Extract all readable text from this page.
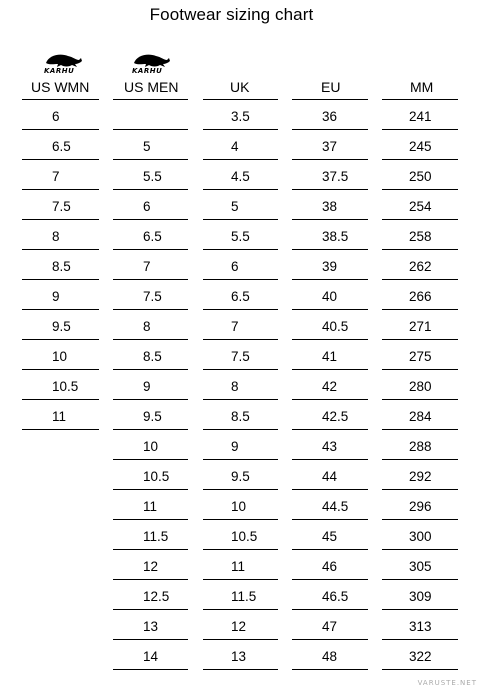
Footwear sizing chart
KARHU	KARHU
US WMN
6
6.5
7
7.5
8
8.5
9
9.5
10
10.5
11
US MEN
5
5.5
6
6.5
7
7.5
8
8.5
9
9.5
10
10.5
11
11.5
12
12.5
13
14
UK
3.5
4
4.5
5
5.5
6
6.5
7
7.5
8
8.5
9
9.5
10
10.5
11
11.5
12
13
EU
36
37
37.5
38
38.5
39
40
40.5
41
42
42.5
43
44
44.5
45
46
46.5
47
48
MM
241
245
250
254
258
262
266
271
275
280
284
288
292
296
300
305
309
313
322
VARUSTE.NET
